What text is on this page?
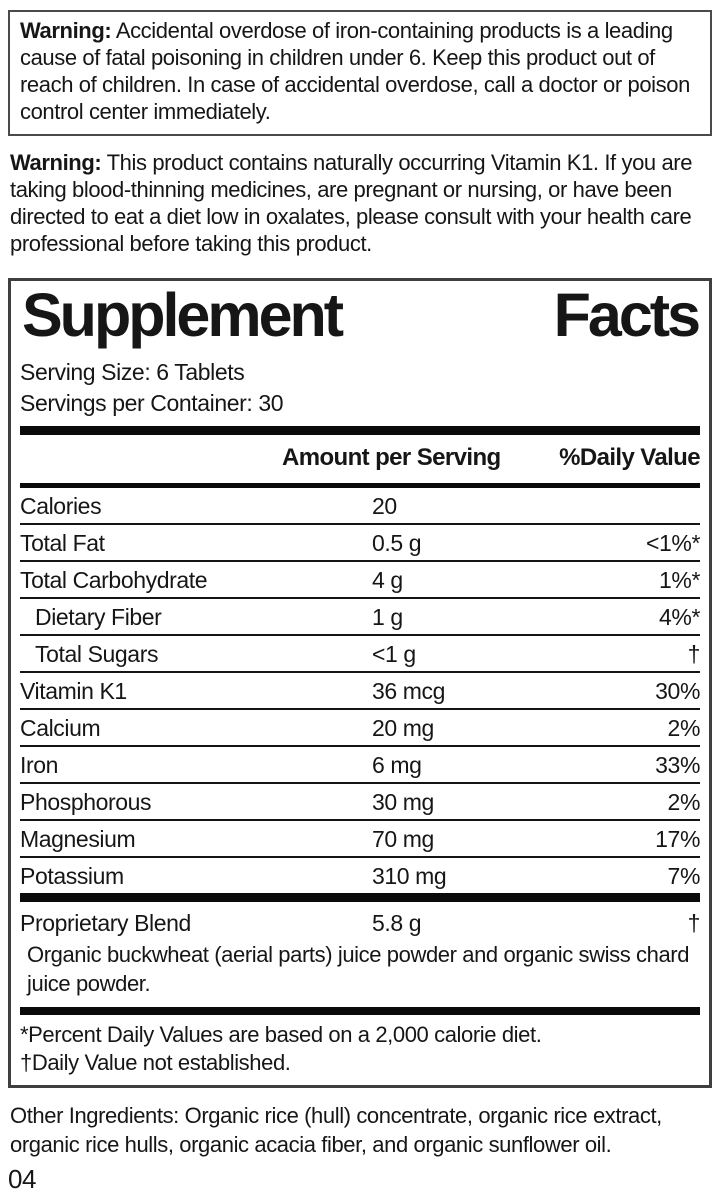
Warning: Accidental overdose of iron-containing products is a leading cause of fatal poisoning in children under 6. Keep this product out of reach of children. In case of accidental overdose, call a doctor or poison control center immediately.
Warning: This product contains naturally occurring Vitamin K1. If you are taking blood-thinning medicines, are pregnant or nursing, or have been directed to eat a diet low in oxalates, please consult with your health care professional before taking this product.
Supplement	Facts
Serving Size: 6 Tablets
Servings per Container: 30
Amount per Serving %Daily Value
Calories	20
Total Fat	0.5 g	<1%*
Total Carbohydrate	4 g	1%*
Dietary Fiber	1 g	4%*
Total Sugars	<1 g	†
Vitamin K1	36 mcg	30%
Calcium	20 mg	2%
Iron	6 mg	33%
Phosphorous	30 mg	2%
Magnesium	70 mg	17%
Potassium	310 mg	7%
Proprietary Blend	5.8 g	†
Organic buckwheat (aerial parts) juice powder and organic swiss chard juice powder.
*Percent Daily Values are based on a 2,000 calorie diet.
†Daily Value not established.
Other Ingredients: Organic rice (hull) concentrate, organic rice extract, organic rice hulls, organic acacia fiber, and organic sunflower oil.
04
